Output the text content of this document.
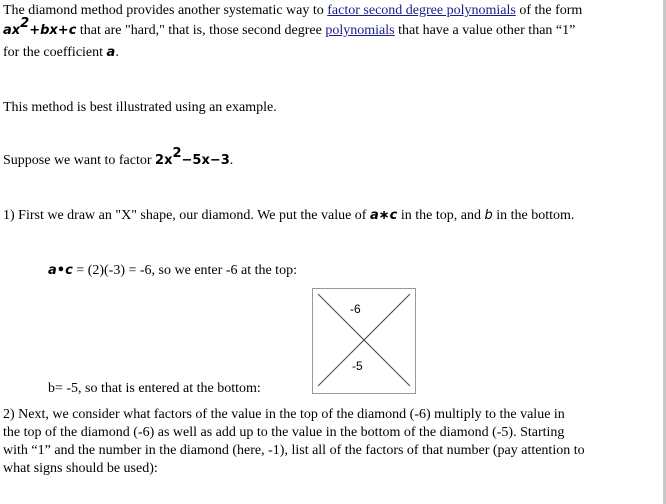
The diamond method provides another systematic way to factor second degree polynomials of the form
$ax^2+bx+c$ that are "hard," that is, those second degree polynomials that have a value other than “1”
for the coefficient a.
This method is best illustrated using an example.
Suppose we want to factor $2x^2-5x-3$.
1) First we draw an "X" shape, our diamond. We put the value of a∗c in the top, and b in the bottom.
a•c = (2)(-3) = -6, so we enter -6 at the top:
-6
-5
b= -5, so that is entered at the bottom:
2) Next, we consider what factors of the value in the top of the diamond (-6) multiply to the value in
the top of the diamond (-6) as well as add up to the value in the bottom of the diamond (-5). Starting
with “1” and the number in the diamond (here, -1), list all of the factors of that number (pay attention to
what signs should be used):
